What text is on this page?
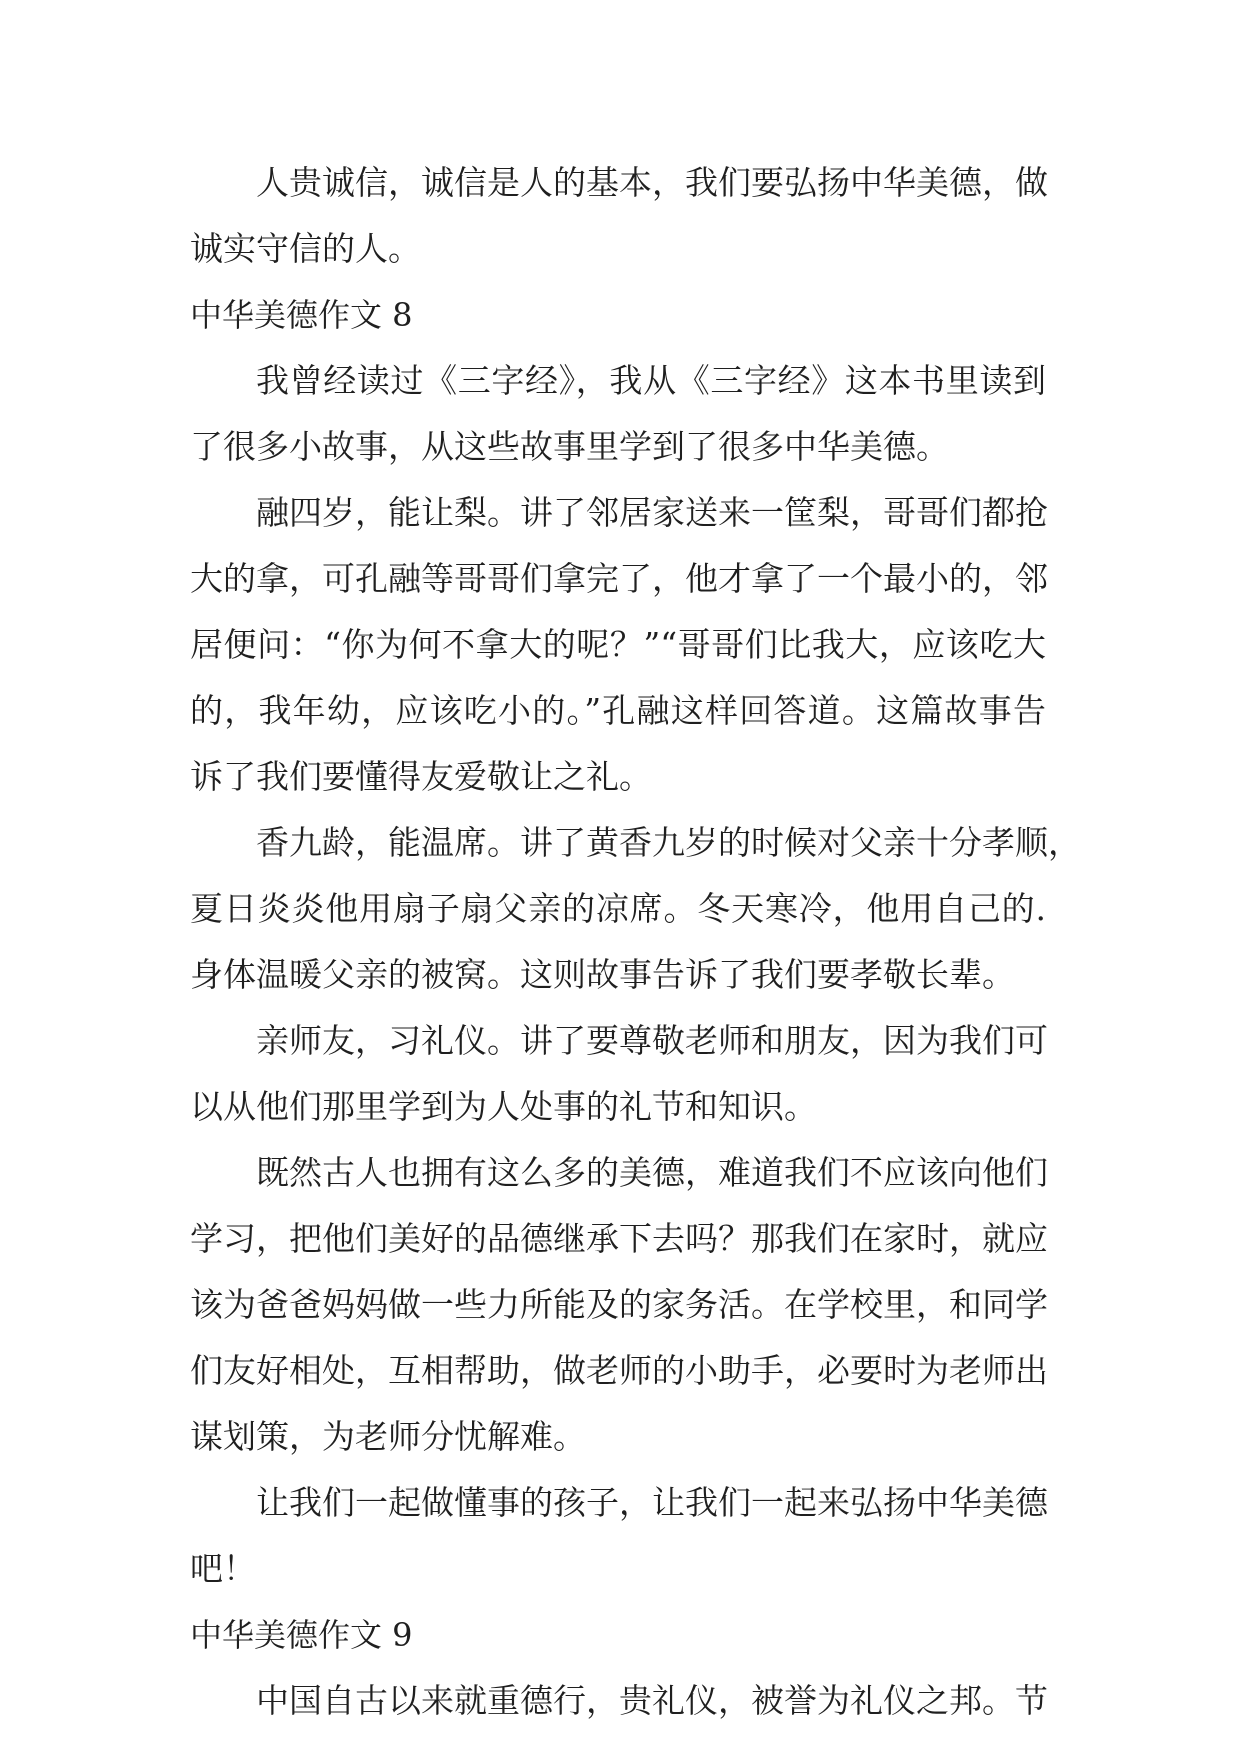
人贵诚信，诚信是人的基本，我们要弘扬中华美德，做
诚实守信的人。
中华美德作文 8
我曾经读过《三字经》，我从《三字经》这本书里读到
了很多小故事，从这些故事里学到了很多中华美德。
融四岁，能让梨。讲了邻居家送来一筐梨，哥哥们都抢
大的拿，可孔融等哥哥们拿完了，他才拿了一个最小的，邻
居便问：“你为何不拿大的呢？”“哥哥们比我大，应该吃大
的，我年幼，应该吃小的。”孔融这样回答道。这篇故事告
诉了我们要懂得友爱敬让之礼。
香九龄，能温席。讲了黄香九岁的时候对父亲十分孝顺，
夏日炎炎他用扇子扇父亲的凉席。冬天寒冷，他用自己的.
身体温暖父亲的被窝。这则故事告诉了我们要孝敬长辈。
亲师友，习礼仪。讲了要尊敬老师和朋友，因为我们可
以从他们那里学到为人处事的礼节和知识。
既然古人也拥有这么多的美德，难道我们不应该向他们
学习，把他们美好的品德继承下去吗？那我们在家时，就应
该为爸爸妈妈做一些力所能及的家务活。在学校里，和同学
们友好相处，互相帮助，做老师的小助手，必要时为老师出
谋划策，为老师分忧解难。
让我们一起做懂事的孩子，让我们一起来弘扬中华美德
吧！
中华美德作文 9
中国自古以来就重德行，贵礼仪，被誉为礼仪之邦。节
